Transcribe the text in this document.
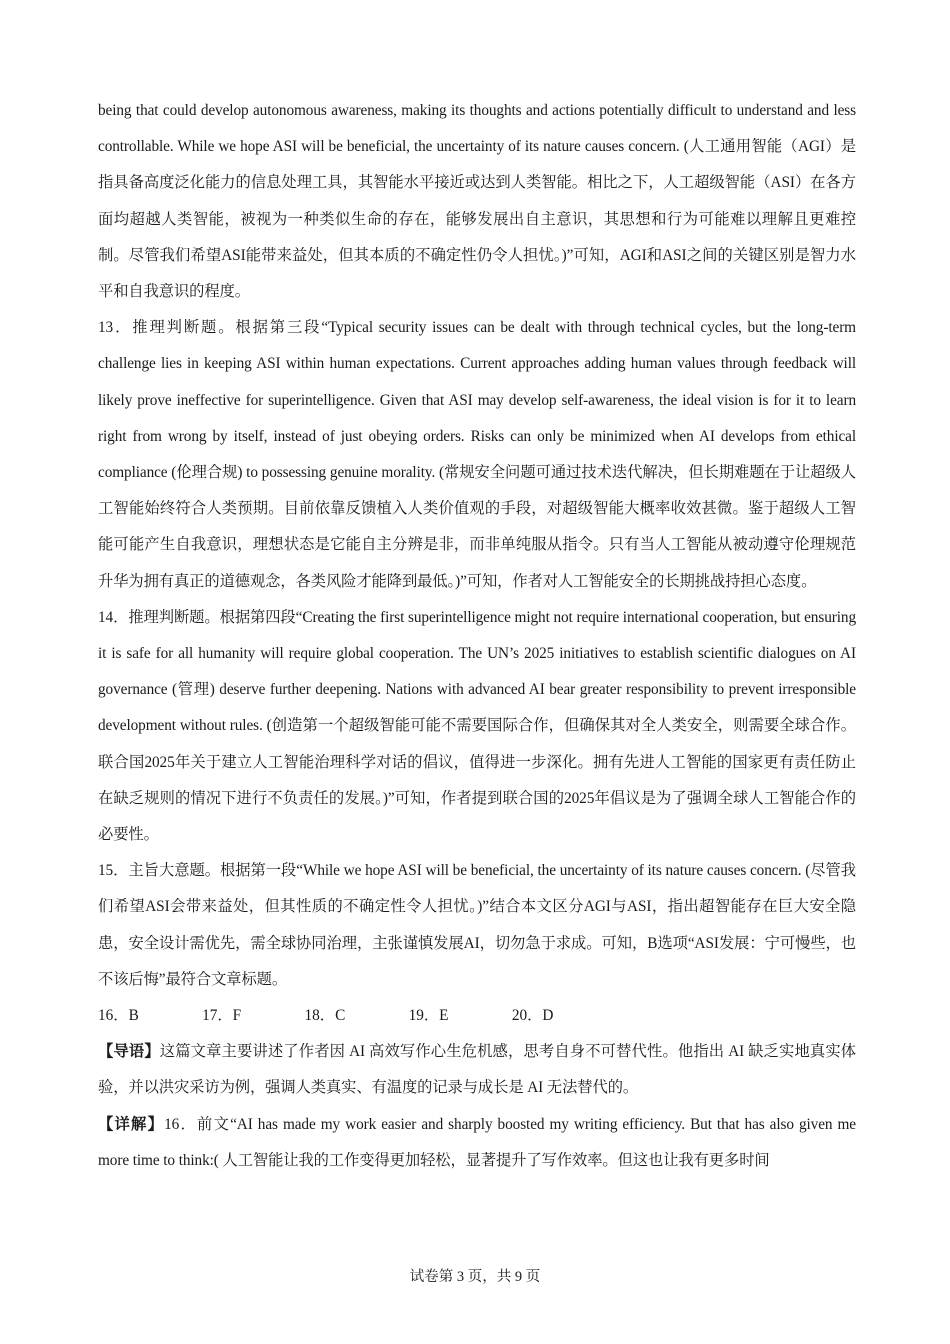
being that could develop autonomous awareness, making its thoughts and actions potentially difficult to understand and less controllable. While we hope ASI will be beneficial, the uncertainty of its nature causes concern. (人工通用智能（AGI）是指具备高度泛化能力的信息处理工具，其智能水平接近或达到人类智能。相比之下，人工超级智能（ASI）在各方面均超越人类智能，被视为一种类似生命的存在，能够发展出自主意识，其思想和行为可能难以理解且更难控制。尽管我们希望ASI能带来益处，但其本质的不确定性仍令人担忧。)”可知，AGI和ASI之间的关键区别是智力水平和自我意识的程度。

13．推理判断题。根据第三段“Typical security issues can be dealt with through technical cycles, but the long-term challenge lies in keeping ASI within human expectations. Current approaches adding human values through feedback will likely prove ineffective for superintelligence. Given that ASI may develop self-awareness, the ideal vision is for it to learn right from wrong by itself, instead of just obeying orders. Risks can only be minimized when AI develops from ethical compliance (伦理合规) to possessing genuine morality. (常规安全问题可通过技术迭代解决，但长期难题在于让超级人工智能始终符合人类预期。目前依靠反馈植入人类价值观的手段，对超级智能大概率收效甚微。鉴于超级人工智能可能产生自我意识，理想状态是它能自主分辨是非，而非单纯服从指令。只有当人工智能从被动遵守伦理规范升华为拥有真正的道德观念，各类风险才能降到最低。)”可知，作者对人工智能安全的长期挑战持担心态度。

14．推理判断题。根据第四段“Creating the first superintelligence might not require international cooperation, but ensuring it is safe for all humanity will require global cooperation. The UN’s 2025 initiatives to establish scientific dialogues on AI governance (管理) deserve further deepening. Nations with advanced AI bear greater responsibility to prevent irresponsible development without rules. (创造第一个超级智能可能不需要国际合作，但确保其对全人类安全，则需要全球合作。联合国2025年关于建立人工智能治理科学对话的倡议，值得进一步深化。拥有先进人工智能的国家更有责任防止在缺乏规则的情况下进行不负责任的发展。)”可知，作者提到联合国的2025年倡议是为了强调全球人工智能合作的必要性。

15．主旨大意题。根据第一段“While we hope ASI will be beneficial, the uncertainty of its nature causes concern. (尽管我们希望ASI会带来益处，但其性质的不确定性令人担忧。)”结合本文区分AGI与ASI，指出超智能存在巨大安全隐患，安全设计需优先，需全球协同治理，主张谨慎发展AI，切勿急于求成。可知，B选项“ASI发展：宁可慢些，也不该后悔”最符合文章标题。

16．B    17．F    18．C    19．E    20．D

【导语】这篇文章主要讲述了作者因 AI 高效写作心生危机感，思考自身不可替代性。他指出 AI 缺乏实地真实体验，并以洪灾采访为例，强调人类真实、有温度的记录与成长是 AI 无法替代的。

【详解】16．前文“AI has made my work easier and sharply boosted my writing efficiency. But that has also given me more time to think:( 人工智能让我的工作变得更加轻松，显著提升了写作效率。但这也让我有更多时间

试卷第 3 页，共 9 页
